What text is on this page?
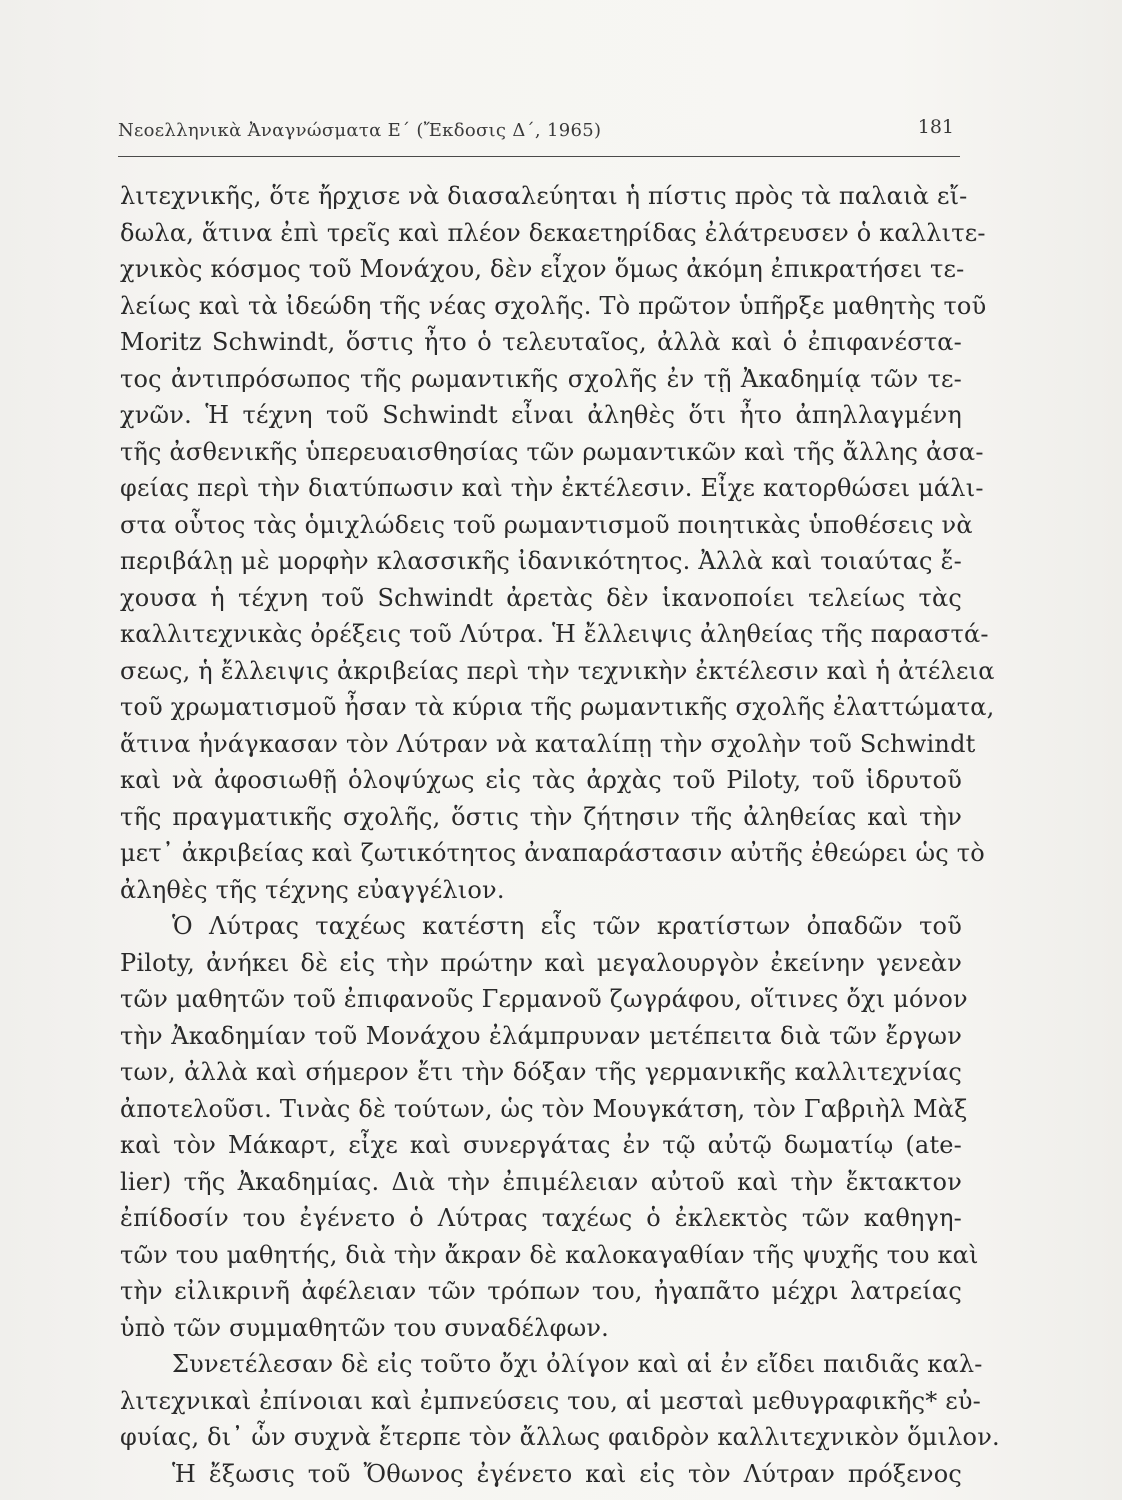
Νεοελληνικὰ Ἀναγνώσματα Ε΄ (Ἔκδοσις Δ΄, 1965)	181
λιτεχνικῆς, ὅτε ἤρχισε νὰ διασαλεύηται ἡ πίστις πρὸς τὰ παλαιὰ εἴ-
δωλα, ἅτινα ἐπὶ τρεῖς καὶ πλέον δεκαετηρίδας ἐλάτρευσεν ὁ καλλιτε-
χνικὸς κόσμος τοῦ Μονάχου, δὲν εἶχον ὅμως ἀκόμη ἐπικρατήσει τε-
λείως καὶ τὰ ἰδεώδη τῆς νέας σχολῆς. Τὸ πρῶτον ὑπῆρξε μαθητὴς τοῦ
Moritz Schwindt, ὅστις ἦτο ὁ τελευταῖος, ἀλλὰ καὶ ὁ ἐπιφανέστα-
τος ἀντιπρόσωπος τῆς ρωμαντικῆς σχολῆς ἐν τῇ Ἀκαδημίᾳ τῶν τε-
χνῶν. Ἡ τέχνη τοῦ Schwindt εἶναι ἀληθὲς ὅτι ἦτο ἀπηλλαγμένη
τῆς ἀσθενικῆς ὑπερευαισθησίας τῶν ρωμαντικῶν καὶ τῆς ἄλλης ἀσα-
φείας περὶ τὴν διατύπωσιν καὶ τὴν ἐκτέλεσιν. Εἶχε κατορθώσει μάλι-
στα οὗτος τὰς ὁμιχλώδεις τοῦ ρωμαντισμοῦ ποιητικὰς ὑποθέσεις νὰ
περιβάλῃ μὲ μορφὴν κλασσικῆς ἰδανικότητος. Ἀλλὰ καὶ τοιαύτας ἔ-
χουσα ἡ τέχνη τοῦ Schwindt ἀρετὰς δὲν ἱκανοποίει τελείως τὰς
καλλιτεχνικὰς ὀρέξεις τοῦ Λύτρα. Ἡ ἔλλειψις ἀληθείας τῆς παραστά-
σεως, ἡ ἔλλειψις ἀκριβείας περὶ τὴν τεχνικὴν ἐκτέλεσιν καὶ ἡ ἀτέλεια
τοῦ χρωματισμοῦ ἦσαν τὰ κύρια τῆς ρωμαντικῆς σχολῆς ἐλαττώματα,
ἅτινα ἠνάγκασαν τὸν Λύτραν νὰ καταλίπῃ τὴν σχολὴν τοῦ Schwindt
καὶ νὰ ἀφοσιωθῇ ὁλοψύχως εἰς τὰς ἀρχὰς τοῦ Piloty, τοῦ ἱδρυτοῦ
τῆς πραγματικῆς σχολῆς, ὅστις τὴν ζήτησιν τῆς ἀληθείας καὶ τὴν
μετ᾽ ἀκριβείας καὶ ζωτικότητος ἀναπαράστασιν αὐτῆς ἐθεώρει ὡς τὸ
ἀληθὲς τῆς τέχνης εὐαγγέλιον.
Ὁ Λύτρας ταχέως κατέστη εἷς τῶν κρατίστων ὀπαδῶν τοῦ
Piloty, ἀνήκει δὲ εἰς τὴν πρώτην καὶ μεγαλουργὸν ἐκείνην γενεὰν
τῶν μαθητῶν τοῦ ἐπιφανοῦς Γερμανοῦ ζωγράφου, οἵτινες ὄχι μόνον
τὴν Ἀκαδημίαν τοῦ Μονάχου ἐλάμπρυναν μετέπειτα διὰ τῶν ἔργων
των, ἀλλὰ καὶ σήμερον ἔτι τὴν δόξαν τῆς γερμανικῆς καλλιτεχνίας
ἀποτελοῦσι. Τινὰς δὲ τούτων, ὡς τὸν Μουγκάτση, τὸν Γαβριὴλ Μὰξ
καὶ τὸν Μάκαρτ, εἶχε καὶ συνεργάτας ἐν τῷ αὐτῷ δωματίῳ (ate-
lier) τῆς Ἀκαδημίας. Διὰ τὴν ἐπιμέλειαν αὐτοῦ καὶ τὴν ἔκτακτον
ἐπίδοσίν του ἐγένετο ὁ Λύτρας ταχέως ὁ ἐκλεκτὸς τῶν καθηγη-
τῶν του μαθητής, διὰ τὴν ἄκραν δὲ καλοκαγαθίαν τῆς ψυχῆς του καὶ
τὴν εἰλικρινῆ ἀφέλειαν τῶν τρόπων του, ἠγαπᾶτο μέχρι λατρείας
ὑπὸ τῶν συμμαθητῶν του συναδέλφων.
Συνετέλεσαν δὲ εἰς τοῦτο ὄχι ὀλίγον καὶ αἱ ἐν εἴδει παιδιᾶς καλ-
λιτεχνικαὶ ἐπίνοιαι καὶ ἐμπνεύσεις του, αἱ μεσταὶ μεθυγραφικῆς* εὐ-
φυίας, δι᾽ ὧν συχνὰ ἔτερπε τὸν ἄλλως φαιδρὸν καλλιτεχνικὸν ὅμιλον.
Ἡ ἔξωσις τοῦ Ὄθωνος ἐγένετο καὶ εἰς τὸν Λύτραν πρόξενος
